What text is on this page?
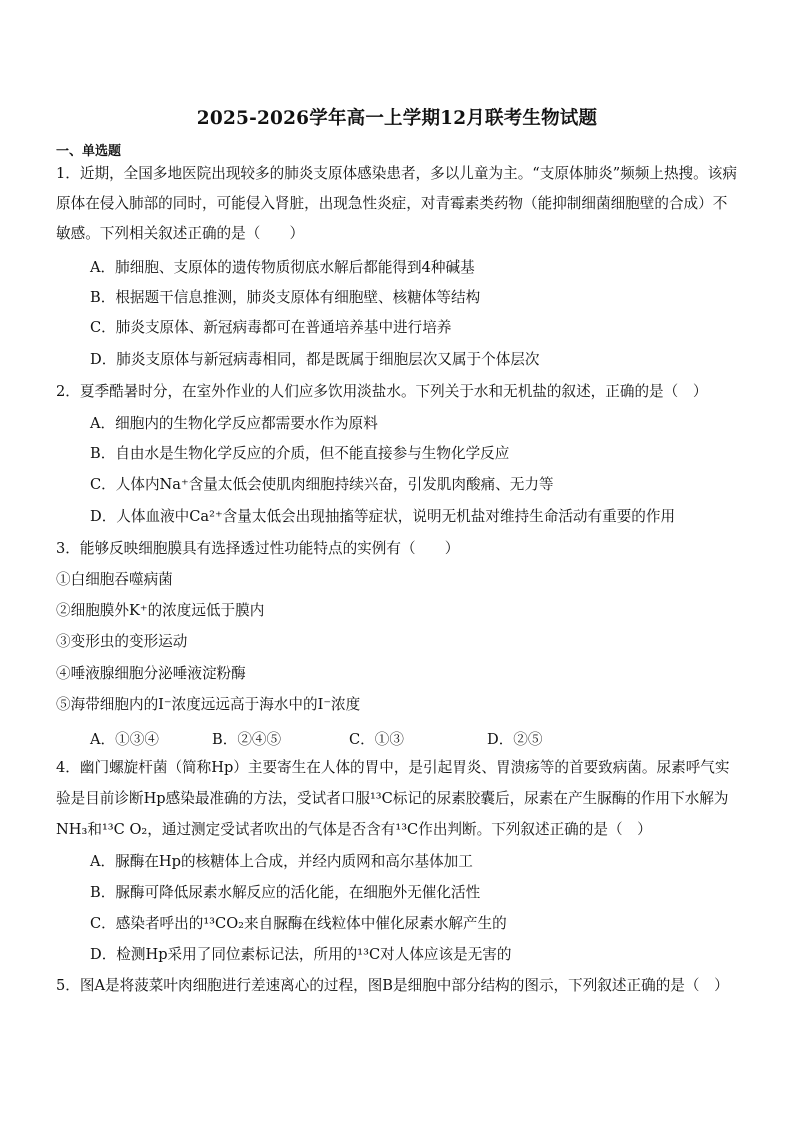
2025-2026学年高一上学期12月联考生物试题
一、单选题
1．近期，全国多地医院出现较多的肺炎支原体感染患者，多以儿童为主。“支原体肺炎”频频上热搜。该病
原体在侵入肺部的同时，可能侵入肾脏，出现急性炎症，对青霉素类药物（能抑制细菌细胞壁的合成）不
敏感。下列相关叙述正确的是（　　）
A．肺细胞、支原体的遗传物质彻底水解后都能得到4种碱基
B．根据题干信息推测，肺炎支原体有细胞壁、核糖体等结构
C．肺炎支原体、新冠病毒都可在普通培养基中进行培养
D．肺炎支原体与新冠病毒相同，都是既属于细胞层次又属于个体层次
2．夏季酷暑时分，在室外作业的人们应多饮用淡盐水。下列关于水和无机盐的叙述，正确的是（　）
A．细胞内的生物化学反应都需要水作为原料
B．自由水是生物化学反应的介质，但不能直接参与生物化学反应
C．人体内Na⁺含量太低会使肌肉细胞持续兴奋，引发肌肉酸痛、无力等
D．人体血液中Ca²⁺含量太低会出现抽搐等症状，说明无机盐对维持生命活动有重要的作用
3．能够反映细胞膜具有选择透过性功能特点的实例有（　　）
①白细胞吞噬病菌
②细胞膜外K⁺的浓度远低于膜内
③变形虫的变形运动
④唾液腺细胞分泌唾液淀粉酶
⑤海带细胞内的I⁻浓度远远高于海水中的I⁻浓度
A．①③④	B．②④⑤	C．①③	D．②⑤
4．幽门螺旋杆菌（简称Hp）主要寄生在人体的胃中，是引起胃炎、胃溃疡等的首要致病菌。尿素呼气实
验是目前诊断Hp感染最准确的方法，受试者口服¹³C标记的尿素胶囊后，尿素在产生脲酶的作用下水解为
NH₃和¹³C O₂，通过测定受试者吹出的气体是否含有¹³C作出判断。下列叙述正确的是（　）
A．脲酶在Hp的核糖体上合成，并经内质网和高尔基体加工
B．脲酶可降低尿素水解反应的活化能，在细胞外无催化活性
C．感染者呼出的¹³CO₂来自脲酶在线粒体中催化尿素水解产生的
D．检测Hp采用了同位素标记法，所用的¹³C对人体应该是无害的
5．图A是将菠菜叶肉细胞进行差速离心的过程，图B是细胞中部分结构的图示，下列叙述正确的是（　）
